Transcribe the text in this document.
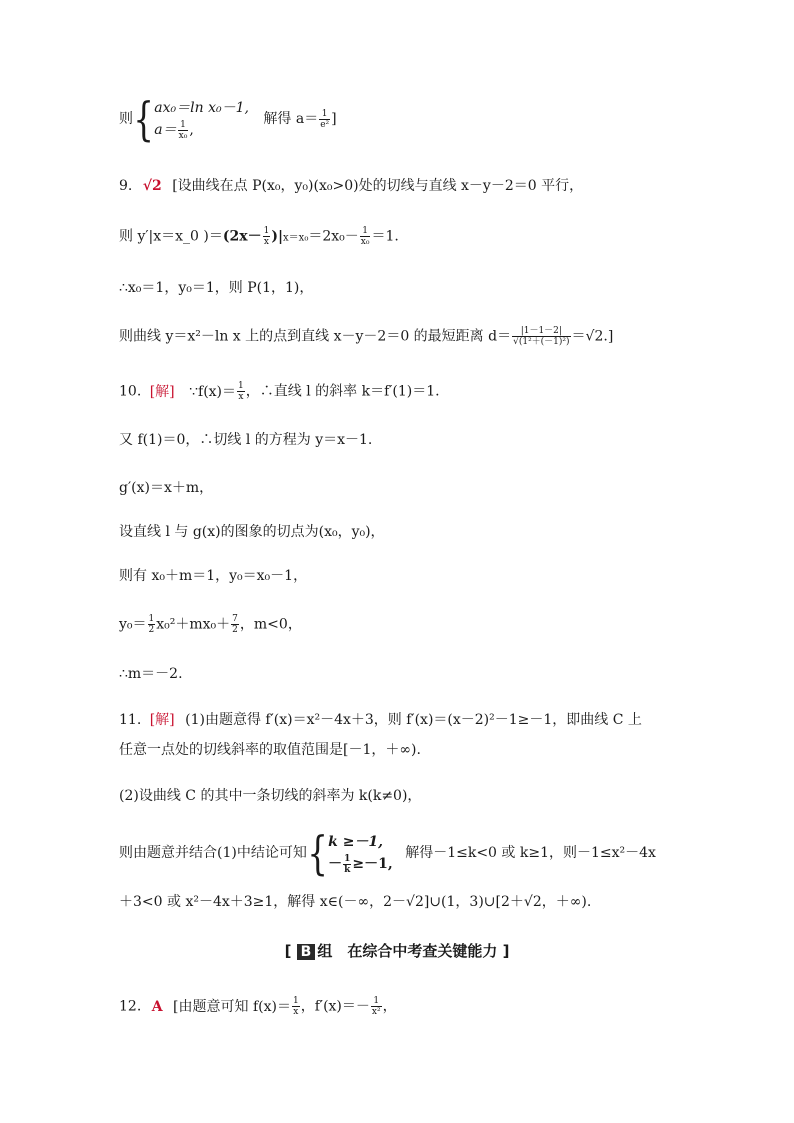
则{ ax₀＝ln x₀－1,
$a= \frac{1}{\text{x₀}}$ ,
解得 $a= \frac{1}{\text{e²}}$ ]
9. √2 [设曲线在点 P(x₀，y₀)(x₀>0)处的切线与直线 x－y－2＝0 平行，
则 y′|x＝x_0 )$=(2x- \frac{1}{x} )|x=x_0=2x_0- \frac{1}{\text{x₀}} =1$.
∴x₀＝1，y₀＝1，则 P(1，1)，
则曲线 y＝x²－ln x 上的点到直线 x－y－2＝0 的最短距离 $d= \frac{|1-1-2|}{\text{√(1²＋(－1)²)}} =√2$.]
10. [解] ∵f(x)＝ $\frac{1}{x}$ ，∴直线 l 的斜率 k＝f′(1)＝1.
又 f(1)＝0，∴切线 l 的方程为 y＝x－1.
g′(x)＝x＋m，
设直线 l 与 g(x)的图象的切点为(x₀，y₀)，
则有 x₀＋m＝1，y₀＝x₀－1，
$y_0= \frac{1}{2} x_0^2+mx_0+ \frac{7}{2}$ ，m<0，
∴m＝－2.
11. [解] (1)由题意得 f′(x)＝x²－4x＋3，则 f′(x)＝(x－2)²－1≥－1，即曲线 C 上
任意一点处的切线斜率的取值范围是[－1，＋∞).
(2)设曲线 C 的其中一条切线的斜率为 k(k≠0)，
则由题意并结合(1)中结论可知{ k ≥－1,
－ $\frac{1}{k} \ge-1$,
解得－1≤k<0 或 k≥1，则－1≤x²－4x
＋3<0 或 x²－4x＋3≥1，解得 x∈(－∞，2－√2]∪(1，3)∪[2＋√2，＋∞).
[ B 组　在综合中考查关键能力 ]
12. A [由题意可知 $f(x)= \frac{1}{x}$ ，$f'(x)=- \frac{1}{\text{x²}}$ ，
